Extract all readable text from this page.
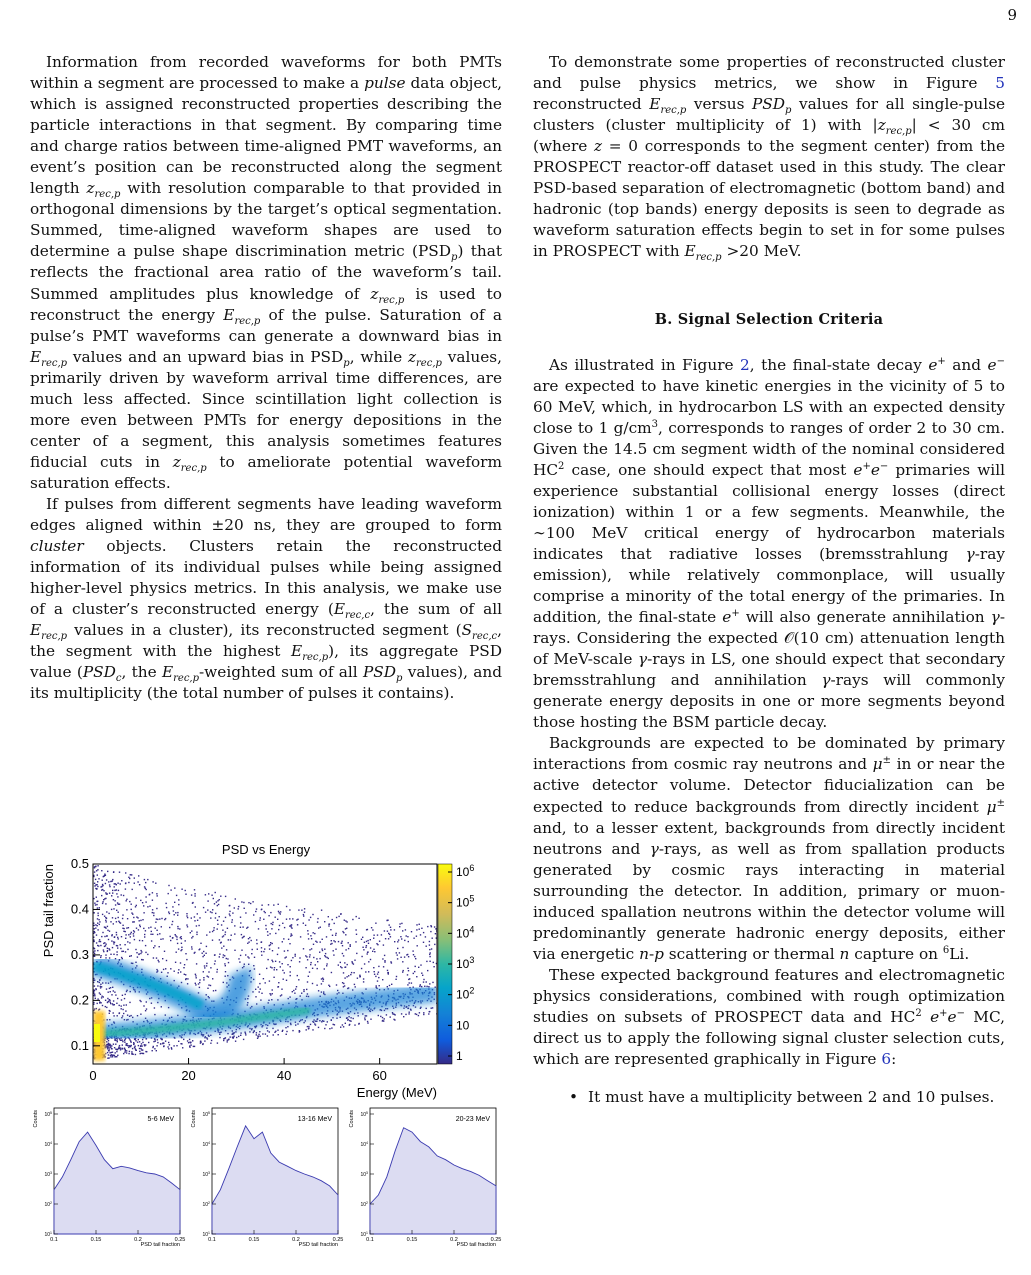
9

Information from recorded waveforms for both PMTs within a segment are processed to make a pulse data object, which is assigned reconstructed properties describing the particle interactions in that segment. By comparing time and charge ratios between time-aligned PMT waveforms, an event’s position can be reconstructed along the segment length $z_{rec,p}$ with resolution comparable to that provided in orthogonal dimensions by the target’s optical segmentation. Summed, time-aligned waveform shapes are used to determine a pulse shape discrimination metric $(PSD_p)$ that reflects the fractional area ratio of the waveform’s tail. Summed amplitudes plus knowledge of $z_{rec,p}$ is used to reconstruct the energy $E_{rec,p}$ of the pulse. Saturation of a pulse’s PMT waveforms can generate a downward bias in $E_{rec,p}$ values and an upward bias in $PSD_p$, while $z_{rec,p}$ values, primarily driven by waveform arrival time differences, are much less affected. Since scintillation light collection is more even between PMTs for energy depositions in the center of a segment, this analysis sometimes features fiducial cuts in $z_{rec,p}$ to ameliorate potential waveform saturation effects.

If pulses from different segments have leading waveform edges aligned within ±20 ns, they are grouped to form cluster objects. Clusters retain the reconstructed information of its individual pulses while being assigned higher-level physics metrics. In this analysis, we make use of a cluster’s reconstructed energy ($E_{rec,c}$, the sum of all $E_{rec,p}$ values in a cluster), its reconstructed segment ($S_{rec,c}$, the segment with the highest $E_{rec,p}$), its aggregate PSD value ($PSD_c$, the $E_{rec,p}$-weighted sum of all $PSD_p$ values), and its multiplicity (the total number of pulses it contains).

PSD vs Energy
0	20	40	60
0.1
0.2
0.3
0.4
0.5
1
10
$10^2$
$10^3$
$10^4$
$10^5$
$10^6$
Energy (MeV)
PSD tail fraction
$10^1$
$10^2$
$10^3$
$10^4$
$10^5$
0.1	0.15	0.2	0.25
5-6 MeV
PSD tail fraction
Counts
$10^1$
$10^2$
$10^3$
$10^4$
$10^5$
0.1	0.15	0.2	0.25
13-16 MeV
PSD tail fraction
Counts
$10^1$
$10^2$
$10^3$
$10^4$
$10^5$
0.1	0.15	0.2	0.25
20-23 MeV
PSD tail fraction
Counts

To demonstrate some properties of reconstructed cluster and pulse physics metrics, we show in Figure 5 reconstructed $E_{rec,p}$ versus $PSD_p$ values for all single-pulse clusters (cluster multiplicity of 1) with $|z_{rec,p}| < 30$ cm (where z = 0 corresponds to the segment center) from the PROSPECT reactor-off dataset used in this study. The clear PSD-based separation of electromagnetic (bottom band) and hadronic (top bands) energy deposits is seen to degrade as waveform saturation effects begin to set in for some pulses in PROSPECT with $E_{rec,p} >20$ MeV.

B. Signal Selection Criteria

As illustrated in Figure 2, the final-state decay e+ and e− are expected to have kinetic energies in the vicinity of 5 to 60 MeV, which, in hydrocarbon LS with an expected density close to 1 $g/cm^3$, corresponds to ranges of order 2 to 30 cm. Given the 14.5 cm segment width of the nominal considered $HC^2$ case, one should expect that most e+e− primaries will experience substantial collisional energy losses (direct ionization) within 1 or a few segments. Meanwhile, the ∼100 MeV critical energy of hydrocarbon materials indicates that radiative losses (bremsstrahlung γ-ray emission), while relatively commonplace, will usually comprise a minority of the total energy of the primaries. In addition, the final-state e+ will also generate annihilation γ-rays. Considering the expected 𝒪(10 cm) attenuation length of MeV-scale γ-rays in LS, one should expect that secondary bremsstrahlung and annihilation γ-rays will commonly generate energy deposits in one or more segments beyond those hosting the BSM particle decay.

Backgrounds are expected to be dominated by primary interactions from cosmic ray neutrons and μ± in or near the active detector volume. Detector fiducialization can be expected to reduce backgrounds from directly incident μ± and, to a lesser extent, backgrounds from directly incident neutrons and γ-rays, as well as from spallation products generated by cosmic rays interacting in material surrounding the detector. In addition, primary or muon-induced spallation neutrons within the detector volume will predominantly generate hadronic energy deposits, either via energetic n-p scattering or thermal n capture on $^6$Li.

These expected background features and electromagnetic physics considerations, combined with rough optimization studies on subsets of PROSPECT data and $HC^2$ e+e− MC, direct us to apply the following signal cluster selection cuts, which are represented graphically in Figure 6:

• It must have a multiplicity between 2 and 10 pulses.
